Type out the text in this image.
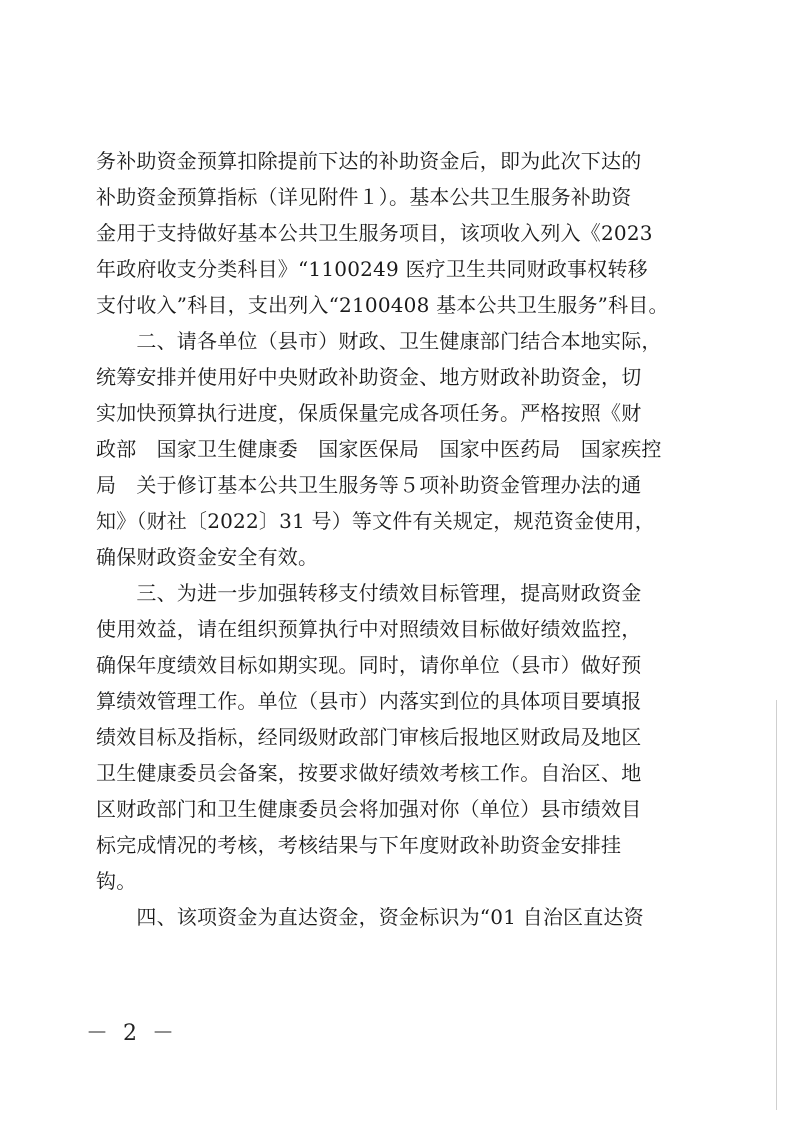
务补助资金预算扣除提前下达的补助资金后，即为此次下达的
补助资金预算指标（详见附件１）。基本公共卫生服务补助资
金用于支持做好基本公共卫生服务项目，该项收入列入《2023
年政府收支分类科目》“1100249 医疗卫生共同财政事权转移
支付收入”科目，支出列入“2100408 基本公共卫生服务”科目。
　　二、请各单位（县市）财政、卫生健康部门结合本地实际，
统筹安排并使用好中央财政补助资金、地方财政补助资金，切
实加快预算执行进度，保质保量完成各项任务。严格按照《财
政部　国家卫生健康委　国家医保局　国家中医药局　国家疾控
局　关于修订基本公共卫生服务等５项补助资金管理办法的通
知》（财社〔2022〕31 号）等文件有关规定，规范资金使用，
确保财政资金安全有效。
　　三、为进一步加强转移支付绩效目标管理，提高财政资金
使用效益，请在组织预算执行中对照绩效目标做好绩效监控，
确保年度绩效目标如期实现。同时，请你单位（县市）做好预
算绩效管理工作。单位（县市）内落实到位的具体项目要填报
绩效目标及指标，经同级财政部门审核后报地区财政局及地区
卫生健康委员会备案，按要求做好绩效考核工作。自治区、地
区财政部门和卫生健康委员会将加强对你（单位）县市绩效目
标完成情况的考核，考核结果与下年度财政补助资金安排挂
钩。
　　四、该项资金为直达资金，资金标识为“01 自治区直达资
－ 2 －
